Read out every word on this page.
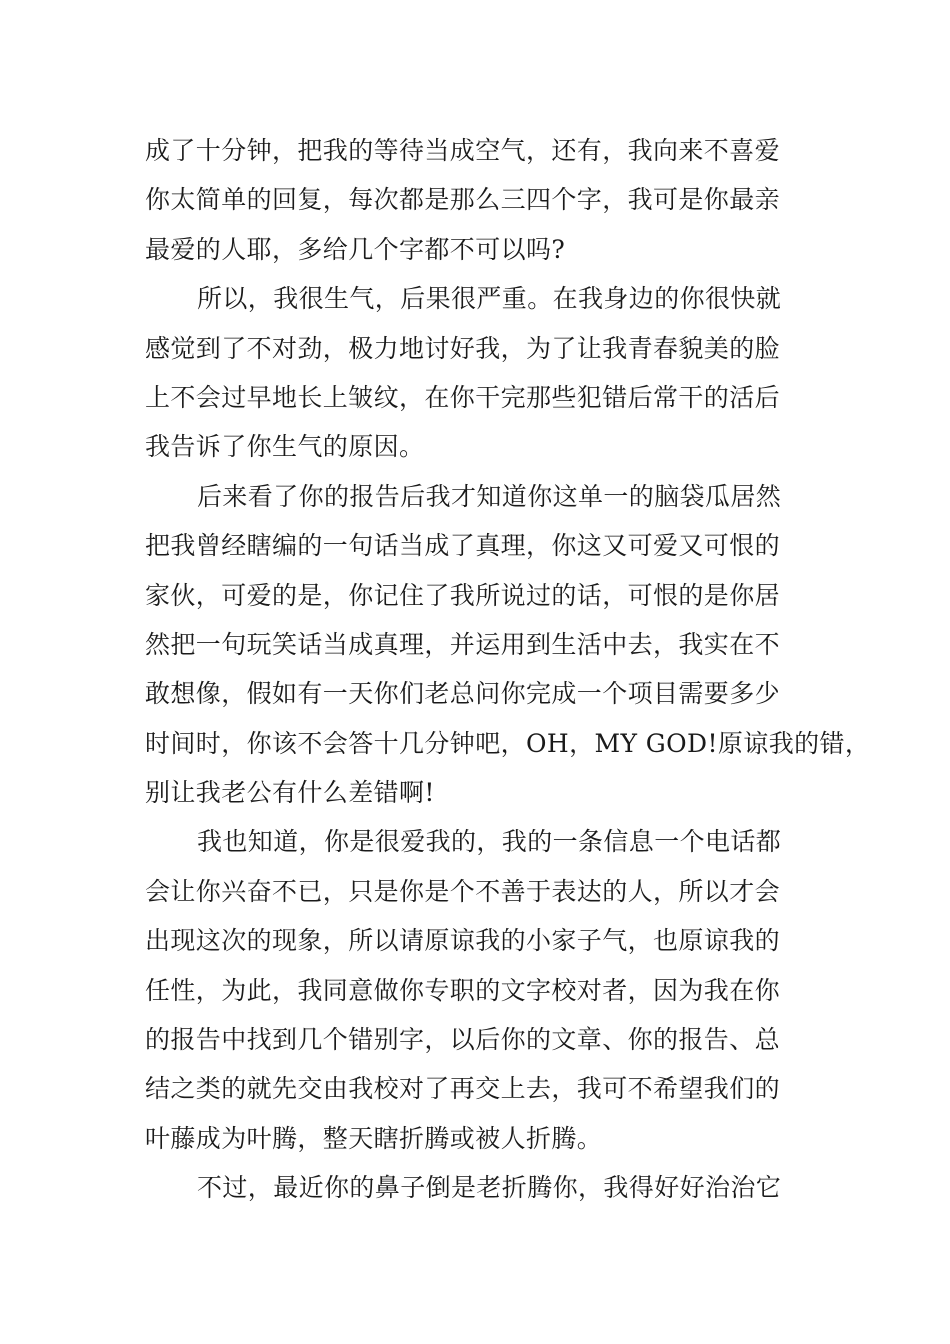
成了十分钟，把我的等待当成空气，还有，我向来不喜爱
你太简单的回复，每次都是那么三四个字，我可是你最亲
最爱的人耶，多给几个字都不可以吗?
所以，我很生气，后果很严重。在我身边的你很快就
感觉到了不对劲，极力地讨好我，为了让我青春貌美的脸
上不会过早地长上皱纹，在你干完那些犯错后常干的活后
我告诉了你生气的原因。
后来看了你的报告后我才知道你这单一的脑袋瓜居然
把我曾经瞎编的一句话当成了真理，你这又可爱又可恨的
家伙，可爱的是，你记住了我所说过的话，可恨的是你居
然把一句玩笑话当成真理，并运用到生活中去，我实在不
敢想像，假如有一天你们老总问你完成一个项目需要多少
时间时，你该不会答十几分钟吧，OH，MY GOD!原谅我的错，
别让我老公有什么差错啊!
我也知道，你是很爱我的，我的一条信息一个电话都
会让你兴奋不已，只是你是个不善于表达的人，所以才会
出现这次的现象，所以请原谅我的小家子气，也原谅我的
任性，为此，我同意做你专职的文字校对者，因为我在你
的报告中找到几个错别字，以后你的文章、你的报告、总
结之类的就先交由我校对了再交上去，我可不希望我们的
叶藤成为叶腾，整天瞎折腾或被人折腾。
不过，最近你的鼻子倒是老折腾你，我得好好治治它
